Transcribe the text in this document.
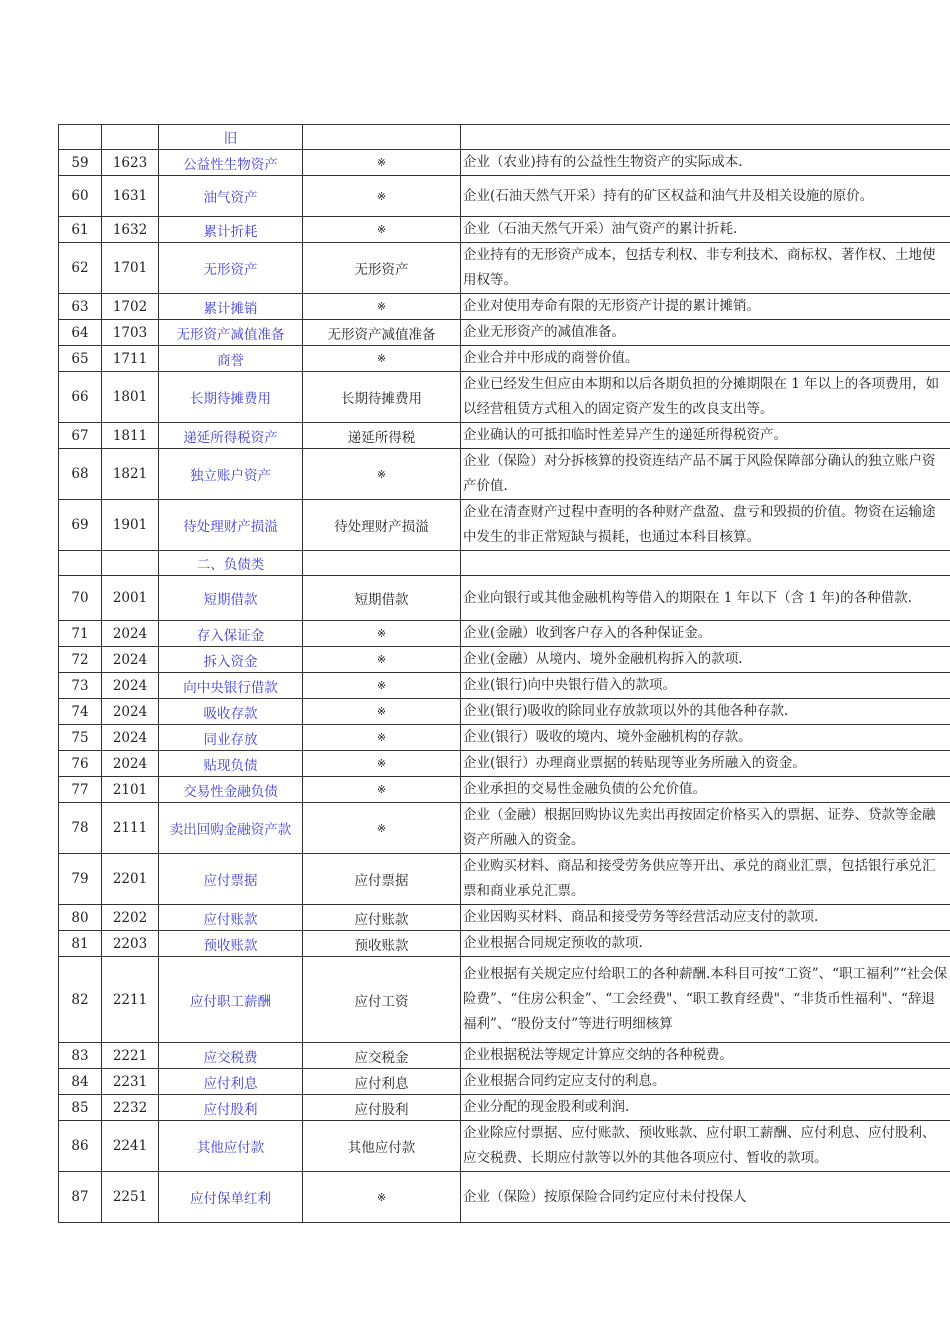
		旧		
59	1623	公益性生物资产	※	企业（农业)持有的公益性生物资产的实际成本.
60	1631	油气资产	※	企业(石油天然气开采）持有的矿区权益和油气井及相关设施的原价。
61	1632	累计折耗	※	企业（石油天然气开采）油气资产的累计折耗.
62	1701	无形资产	无形资产	企业持有的无形资产成本，包括专利权、非专利技术、商标权、著作权、土地使用权等。
63	1702	累计摊销	※	企业对使用寿命有限的无形资产计提的累计摊销。
64	1703	无形资产减值准备	无形资产减值准备	企业无形资产的减值准备。
65	1711	商誉	※	企业合并中形成的商誉价值。
66	1801	长期待摊费用	长期待摊费用	企业已经发生但应由本期和以后各期负担的分摊期限在 1 年以上的各项费用，如以经营租赁方式租入的固定资产发生的改良支出等。
67	1811	递延所得税资产	递延所得税	企业确认的可抵扣临时性差异产生的递延所得税资产。
68	1821	独立账户资产	※	企业（保险）对分拆核算的投资连结产品不属于风险保障部分确认的独立账户资产价值.
69	1901	待处理财产损溢	待处理财产损溢	企业在清查财产过程中查明的各种财产盘盈、盘亏和毁损的价值。物资在运输途中发生的非正常短缺与损耗，也通过本科目核算。
		二、负债类		
70	2001	短期借款	短期借款	企业向银行或其他金融机构等借入的期限在 1 年以下（含 1 年)的各种借款.
71	2024	存入保证金	※	企业(金融）收到客户存入的各种保证金。
72	2024	拆入资金	※	企业(金融）从境内、境外金融机构拆入的款项.
73	2024	向中央银行借款	※	企业(银行)向中央银行借入的款项。
74	2024	吸收存款	※	企业(银行)吸收的除同业存放款项以外的其他各种存款.
75	2024	同业存放	※	企业(银行）吸收的境内、境外金融机构的存款。
76	2024	贴现负债	※	企业(银行）办理商业票据的转贴现等业务所融入的资金。
77	2101	交易性金融负债	※	企业承担的交易性金融负债的公允价值。
78	2111	卖出回购金融资产款	※	企业（金融）根据回购协议先卖出再按固定价格买入的票据、证券、贷款等金融资产所融入的资金。
79	2201	应付票据	应付票据	企业购买材料、商品和接受劳务供应等开出、承兑的商业汇票，包括银行承兑汇票和商业承兑汇票。
80	2202	应付账款	应付账款	企业因购买材料、商品和接受劳务等经营活动应支付的款项.
81	2203	预收账款	预收账款	企业根据合同规定预收的款项.
82	2211	应付职工薪酬	应付工资	企业根据有关规定应付给职工的各种薪酬.本科目可按“工资”、“职工福利”“社会保险费”、“住房公积金”、“工会经费"、“职工教育经费"、“非货币性福利"、“辞退福利”、“股份支付”等进行明细核算
83	2221	应交税费	应交税金	企业根据税法等规定计算应交纳的各种税费。
84	2231	应付利息	应付利息	企业根据合同约定应支付的利息。
85	2232	应付股利	应付股利	企业分配的现金股利或利润.
86	2241	其他应付款	其他应付款	企业除应付票据、应付账款、预收账款、应付职工薪酬、应付利息、应付股利、应交税费、长期应付款等以外的其他各项应付、暂收的款项。
87	2251	应付保单红利	※	企业（保险）按原保险合同约定应付未付投保人
